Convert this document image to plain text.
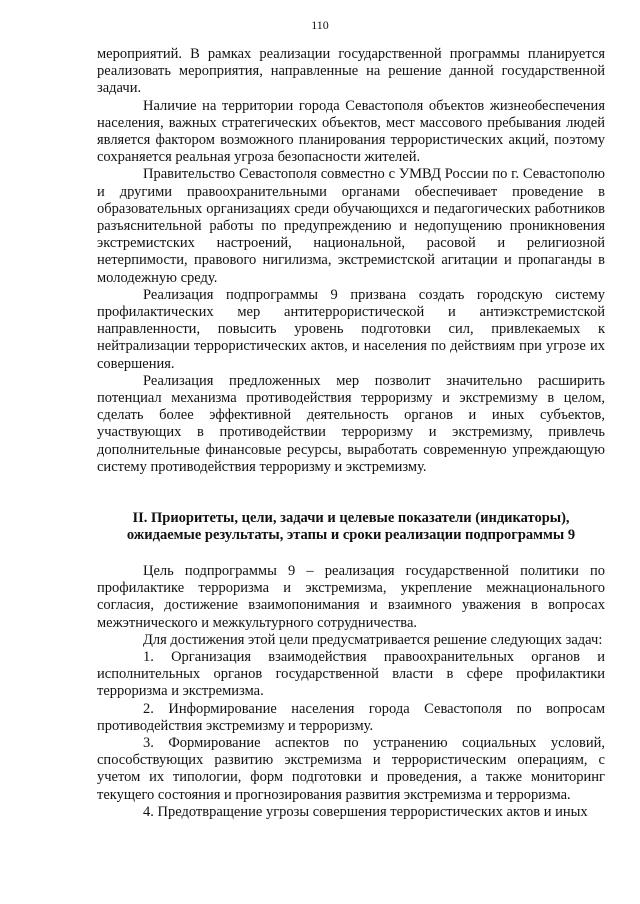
110

мероприятий. В рамках реализации государственной программы планируется реализовать мероприятия, направленные на решение данной государственной задачи.

Наличие на территории города Севастополя объектов жизнеобеспечения населения, важных стратегических объектов, мест массового пребывания людей является фактором возможного планирования террористических акций, поэтому сохраняется реальная угроза безопасности жителей.

Правительство Севастополя совместно с УМВД России по г. Севастополю и другими правоохранительными органами обеспечивает проведение в образовательных организациях среди обучающихся и педагогических работников разъяснительной работы по предупреждению и недопущению проникновения экстремистских настроений, национальной, расовой и религиозной нетерпимости, правового нигилизма, экстремистской агитации и пропаганды в молодежную среду.

Реализация подпрограммы 9 призвана создать городскую систему профилактических мер антитеррористической и антиэкстремистской направленности, повысить уровень подготовки сил, привлекаемых к нейтрализации террористических актов, и населения по действиям при угрозе их совершения.

Реализация предложенных мер позволит значительно расширить потенциал механизма противодействия терроризму и экстремизму в целом, сделать более эффективной деятельность органов и иных субъектов, участвующих в противодействии терроризму и экстремизму, привлечь дополнительные финансовые ресурсы, выработать современную упреждающую систему противодействия терроризму и экстремизму.

II. Приоритеты, цели, задачи и целевые показатели (индикаторы),
ожидаемые результаты, этапы и сроки реализации подпрограммы 9

Цель подпрограммы 9 – реализация государственной политики по профилактике терроризма и экстремизма, укрепление межнационального согласия, достижение взаимопонимания и взаимного уважения в вопросах межэтнического и межкультурного сотрудничества.

Для достижения этой цели предусматривается решение следующих задач:

1. Организация взаимодействия правоохранительных органов и исполнительных органов государственной власти в сфере профилактики терроризма и экстремизма.

2. Информирование населения города Севастополя по вопросам противодействия экстремизму и терроризму.

3. Формирование аспектов по устранению социальных условий, способствующих развитию экстремизма и террористическим операциям, с учетом их типологии, форм подготовки и проведения, а также мониторинг текущего состояния и прогнозирования развития экстремизма и терроризма.

4. Предотвращение угрозы совершения террористических актов и иных
